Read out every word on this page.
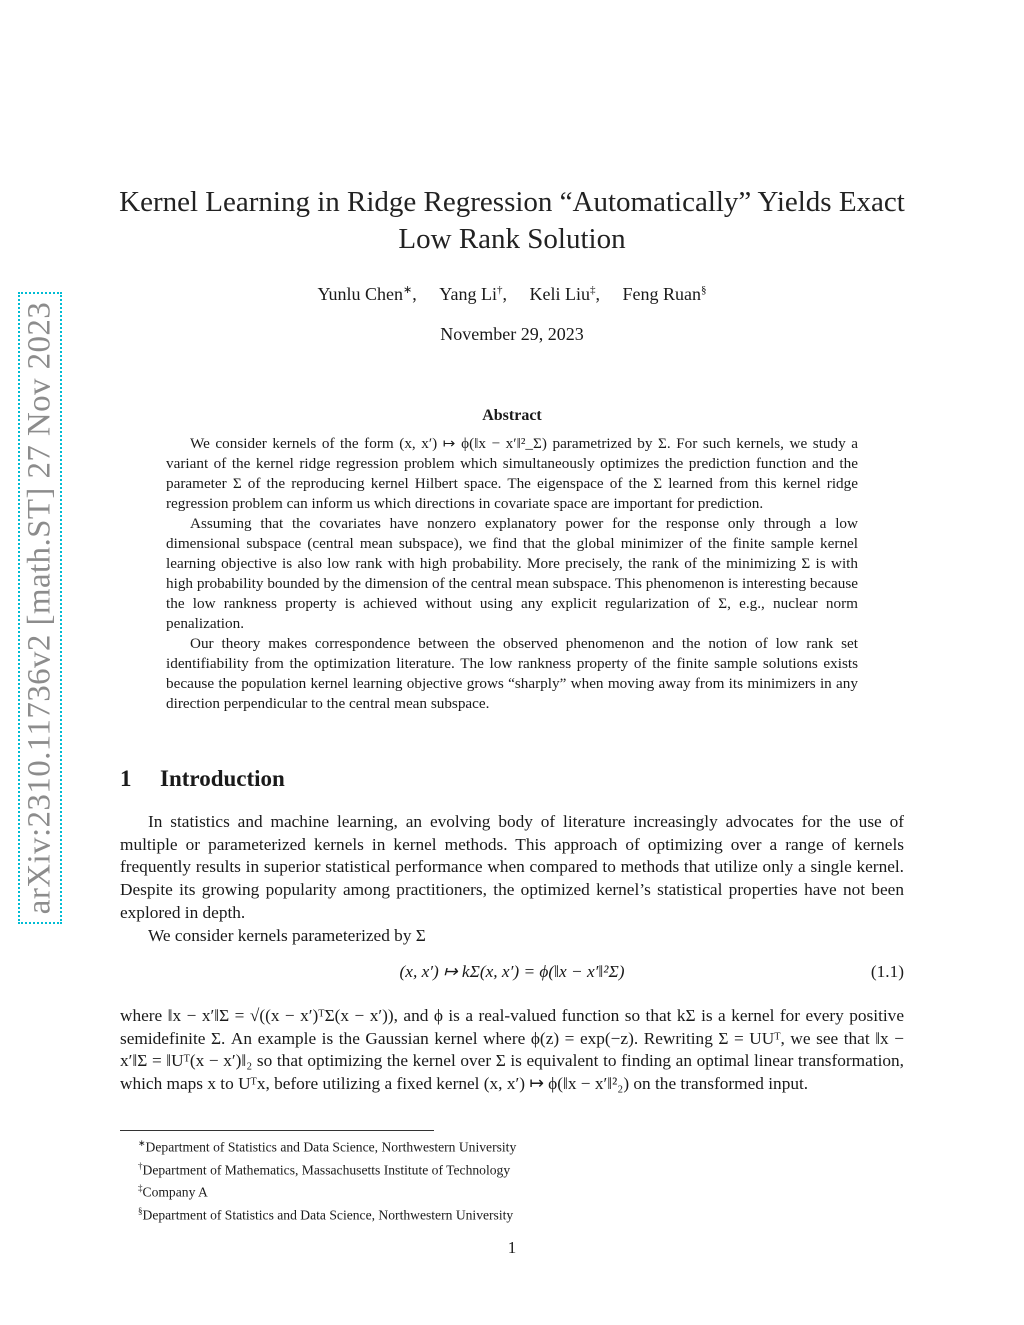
arXiv:2310.11736v2 [math.ST] 27 Nov 2023
Kernel Learning in Ridge Regression “Automatically” Yields Exact
Low Rank Solution
Yunlu Chen∗, Yang Li†, Keli Liu‡, Feng Ruan§
November 29, 2023
Abstract

We consider kernels of the form (x, x′) ↦ ϕ(‖x − x′‖²_Σ) parametrized by Σ. For such kernels, we study a variant of the kernel ridge regression problem which simultaneously optimizes the prediction function and the parameter Σ of the reproducing kernel Hilbert space. The eigenspace of the Σ learned from this kernel ridge regression problem can inform us which directions in covariate space are important for prediction.

Assuming that the covariates have nonzero explanatory power for the response only through a low dimensional subspace (central mean subspace), we find that the global minimizer of the finite sample kernel learning objective is also low rank with high probability. More precisely, the rank of the minimizing Σ is with high probability bounded by the dimension of the central mean subspace. This phenomenon is interesting because the low rankness property is achieved without using any explicit regularization of Σ, e.g., nuclear norm penalization.

Our theory makes correspondence between the observed phenomenon and the notion of low rank set identifiability from the optimization literature. The low rankness property of the finite sample solutions exists because the population kernel learning objective grows “sharply” when moving away from its minimizers in any direction perpendicular to the central mean subspace.

1 Introduction

In statistics and machine learning, an evolving body of literature increasingly advocates for the use of multiple or parameterized kernels in kernel methods. This approach of optimizing over a range of kernels frequently results in superior statistical performance when compared to methods that utilize only a single kernel. Despite its growing popularity among practitioners, the optimized kernel’s statistical properties have not been explored in depth.

We consider kernels parameterized by Σ

(x, x′) ↦ kΣ(x, x′) = ϕ(‖x − x′‖²Σ)	(1.1)

where ‖x − x′‖Σ = √((x − x′)ᵀΣ(x − x′)), and ϕ is a real-valued function so that kΣ is a kernel for every positive semidefinite Σ. An example is the Gaussian kernel where ϕ(z) = exp(−z). Rewriting Σ = UUᵀ, we see that ‖x − x′‖Σ = ‖Uᵀ(x − x′)‖₂ so that optimizing the kernel over Σ is equivalent to finding an optimal linear transformation, which maps x to Uᵀx, before utilizing a fixed kernel (x, x′) ↦ ϕ(‖x − x′‖²₂) on the transformed input.

∗Department of Statistics and Data Science, Northwestern University
†Department of Mathematics, Massachusetts Institute of Technology
‡Company A
§Department of Statistics and Data Science, Northwestern University
1
